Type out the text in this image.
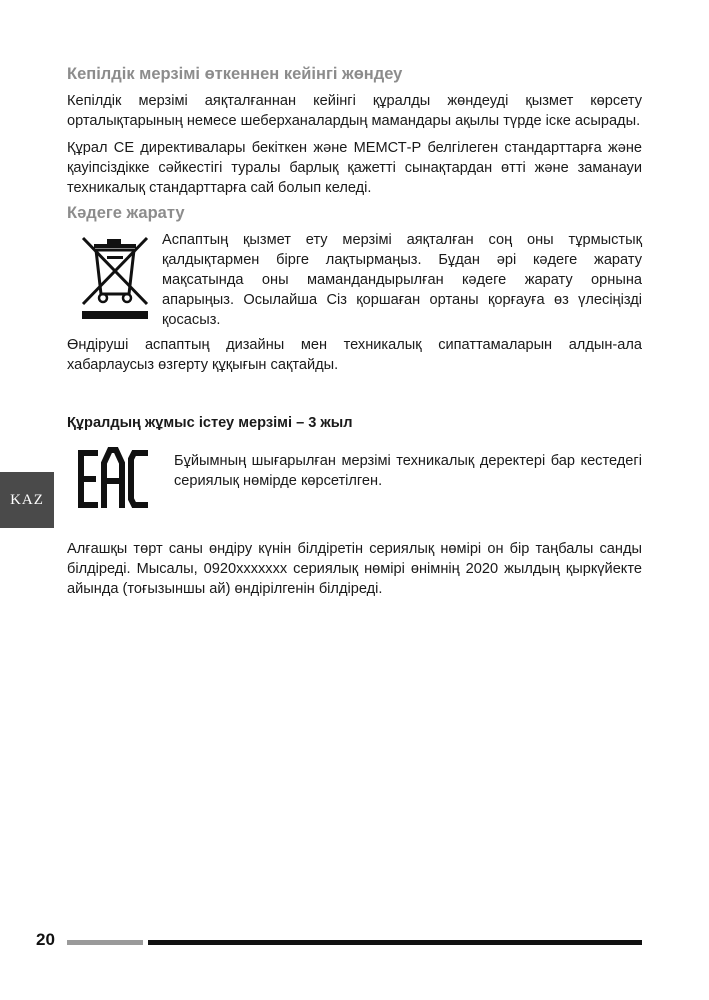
Кепілдік мерзімі өткеннен кейінгі жөндеу

Кепілдік мерзімі аяқталғаннан кейінгі құралды жөндеуді қызмет көрсету орталықтарының немесе шеберханалардың мамандары ақылы түрде іске асырады.

Құрал CE директивалары бекіткен және МЕМСТ-Р белгілеген стандарттарға және қауіпсіздікке сәйкестігі туралы барлық қажетті сынақтардан өтті және заманауи техникалық стандарттарға сай болып келеді.

Кәдеге жарату

Аспаптың қызмет ету мерзімі аяқталған соң оны тұрмыстық қалдықтармен бірге лақтырмаңыз. Бұдан әрі кәдеге жарату мақсатында оны мамандандырылған кәдеге жарату орнына апарыңыз. Осылайша Сіз қоршаған ортаны қорғауға өз үлесіңізді қосасыз.

Өндіруші аспаптың дизайны мен техникалық сипаттамаларын алдын-ала хабарлаусыз өзгерту құқығын сақтайды.

Құралдың жұмыс істеу мерзімі – 3 жыл

Бұйымның шығарылған мерзімі техникалық деректері бар кестедегі сериялық нөмірде көрсетілген.

Алғашқы төрт саны өндіру күнін білдіретін сериялық нөмірі он бір таңбалы санды білдіреді. Мысалы, 0920xxxxxxx сериялық нөмірі өнімнің 2020 жылдың қыркүйекте айында (тоғызыншы ай) өндірілгенін білдіреді.

KAZ
20
